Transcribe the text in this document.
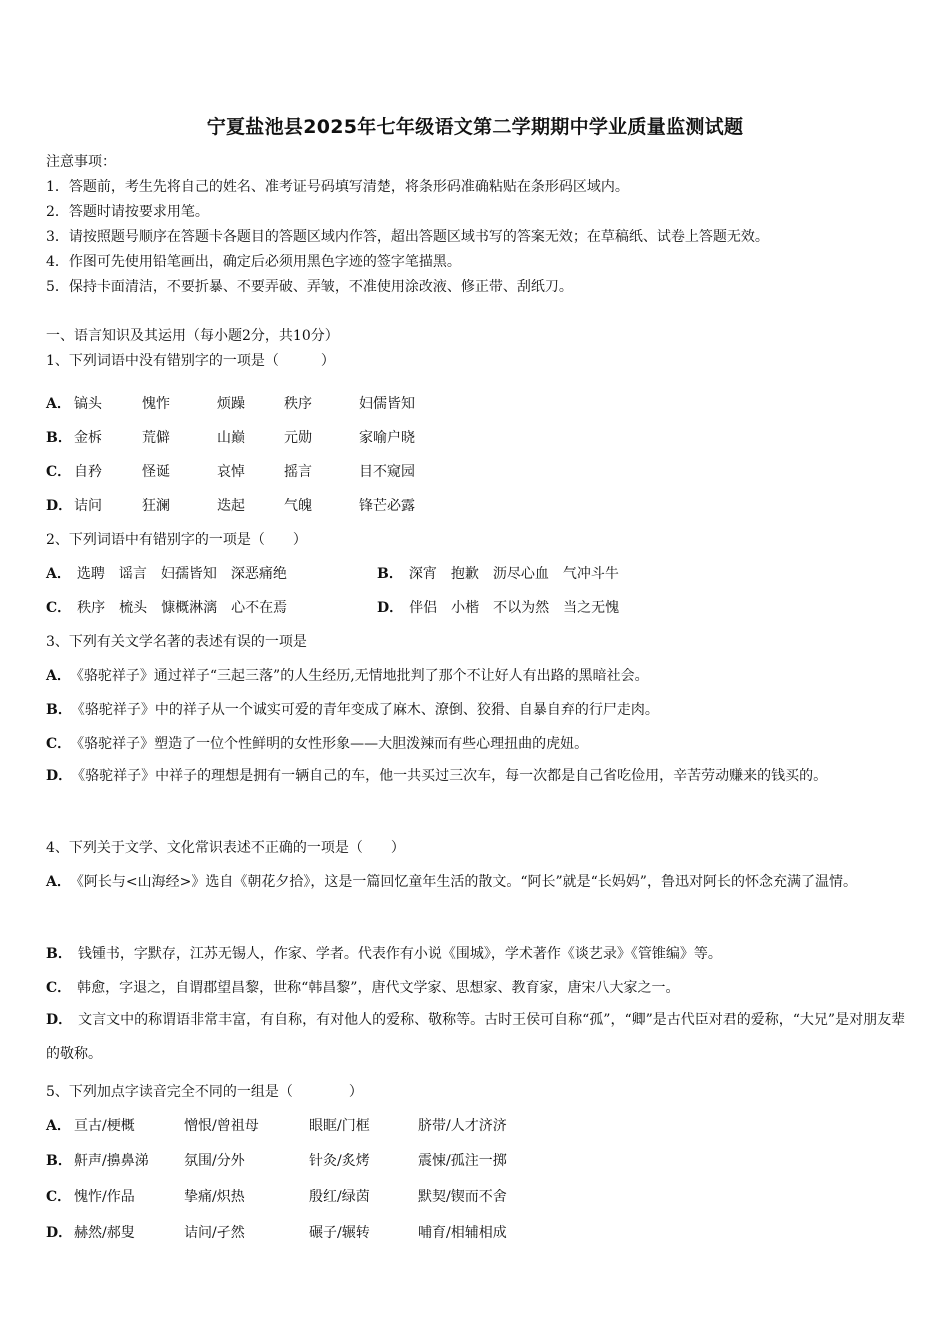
宁夏盐池县2025年七年级语文第二学期期中学业质量监测试题
注意事项：
1．答题前，考生先将自己的姓名、准考证号码填写清楚，将条形码准确粘贴在条形码区域内。
2．答题时请按要求用笔。
3．请按照题号顺序在答题卡各题目的答题区域内作答，超出答题区域书写的答案无效；在草稿纸、试卷上答题无效。
4．作图可先使用铅笔画出，确定后必须用黑色字迹的签字笔描黑。
5．保持卡面清洁，不要折暴、不要弄破、弄皱，不准使用涂改液、修正带、刮纸刀。
一、语言知识及其运用（每小题2分，共10分）
1、下列词语中没有错别字的一项是（　　　）
A． 镐头	愧怍	烦躁	秩序	妇儒皆知
B． 金柝	荒僻	山巅	元勋	家喻户晓
C． 自矜	怪诞	哀悼	摇言	目不窥园
D． 诘问	狂澜	迭起	气魄	锋芒必露
2、下列词语中有错别字的一项是（　　）
A． 选聘　谣言　妇孺皆知　深恶痛绝	B． 深宵　抱歉　沥尽心血　气冲斗牛
C． 秩序　梳头　慷概淋漓　心不在焉	D． 伴侣　小楷　不以为然　当之无愧
3、下列有关文学名著的表述有误的一项是
A． 《骆驼祥子》通过祥子“三起三落”的人生经历,无情地批判了那个不让好人有出路的黑暗社会。
B． 《骆驼祥子》中的祥子从一个诚实可爱的青年变成了麻木、潦倒、狡猾、自暴自弃的行尸走肉。
C． 《骆驼祥子》塑造了一位个性鲜明的女性形象——大胆泼辣而有些心理扭曲的虎妞。
D． 《骆驼祥子》中祥子的理想是拥有一辆自己的车，他一共买过三次车，每一次都是自己省吃俭用，辛苦劳动赚来的钱买的。
4、下列关于文学、文化常识表述不正确的一项是（　　）
A． 《阿长与<山海经>》选自《朝花夕拾》，这是一篇回忆童年生活的散文。“阿长”就是“长妈妈”，鲁迅对阿长的怀念充满了温情。
B． 钱锺书，字默存，江苏无锡人，作家、学者。代表作有小说《围城》，学术著作《谈艺录》《管锥编》等。
C． 韩愈，字退之，自谓郡望昌黎，世称“韩昌黎”，唐代文学家、思想家、教育家，唐宋八大家之一。
D． 文言文中的称谓语非常丰富，有自称，有对他人的爱称、敬称等。古时王侯可自称“孤”，“卿”是古代臣对君的爱称，“大兄”是对朋友辈的敬称。
5、下列加点字读音完全不同的一组是（　　　　）
A． 亘古/梗概	憎恨/曾祖母	眼眶/门框	脐带/人才济济
B． 鼾声/擤鼻涕	氛围/分外	针灸/炙烤	震悚/孤注一掷
C． 愧怍/作品	挚痛/炽热	殷红/绿茵	默契/锲而不舍
D． 赫然/郝叟	诘问/孑然	碾子/辗转	哺育/相辅相成
